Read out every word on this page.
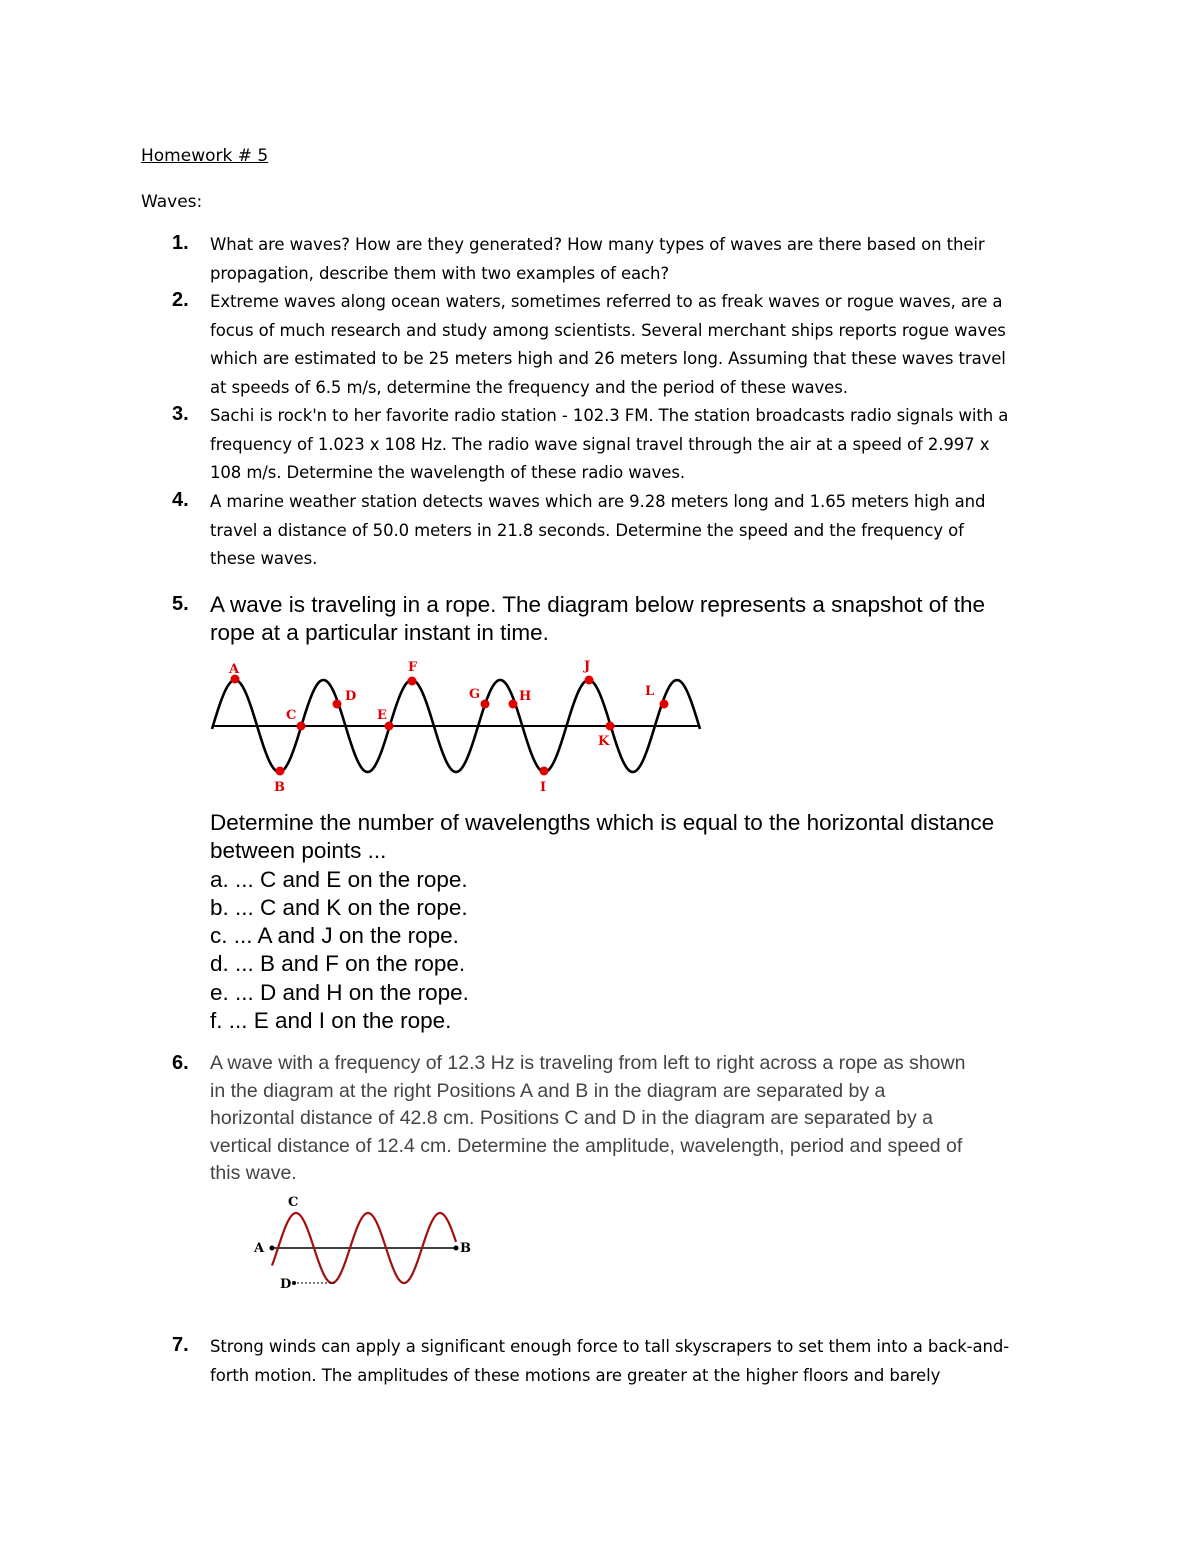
Homework # 5
Waves:
1. What are waves? How are they generated? How many types of waves are there based on their
propagation, describe them with two examples of each?
2. Extreme waves along ocean waters, sometimes referred to as freak waves or rogue waves, are a
focus of much research and study among scientists. Several merchant ships reports rogue waves
which are estimated to be 25 meters high and 26 meters long. Assuming that these waves travel
at speeds of 6.5 m/s, determine the frequency and the period of these waves.
3. Sachi is rock'n to her favorite radio station - 102.3 FM. The station broadcasts radio signals with a
frequency of 1.023 x 108 Hz. The radio wave signal travel through the air at a speed of 2.997 x
108 m/s. Determine the wavelength of these radio waves.
4. A marine weather station detects waves which are 9.28 meters long and 1.65 meters high and
travel a distance of 50.0 meters in 21.8 seconds. Determine the speed and the frequency of
these waves.
5. A wave is traveling in a rope. The diagram below represents a snapshot of the
rope at a particular instant in time.
A
B
C
D
E
F
G	H
I
J
K
L
Determine the number of wavelengths which is equal to the horizontal distance
between points ...
a. ... C and E on the rope.
b. ... C and K on the rope.
c. ... A and J on the rope.
d. ... B and F on the rope.
e. ... D and H on the rope.
f. ... E and I on the rope.
6. A wave with a frequency of 12.3 Hz is traveling from left to right across a rope as shown
in the diagram at the right Positions A and B in the diagram are separated by a
horizontal distance of 42.8 cm. Positions C and D in the diagram are separated by a
vertical distance of 12.4 cm. Determine the amplitude, wavelength, period and speed of
this wave.
C
A	B
D
7. Strong winds can apply a significant enough force to tall skyscrapers to set them into a back-and-
forth motion. The amplitudes of these motions are greater at the higher floors and barely
